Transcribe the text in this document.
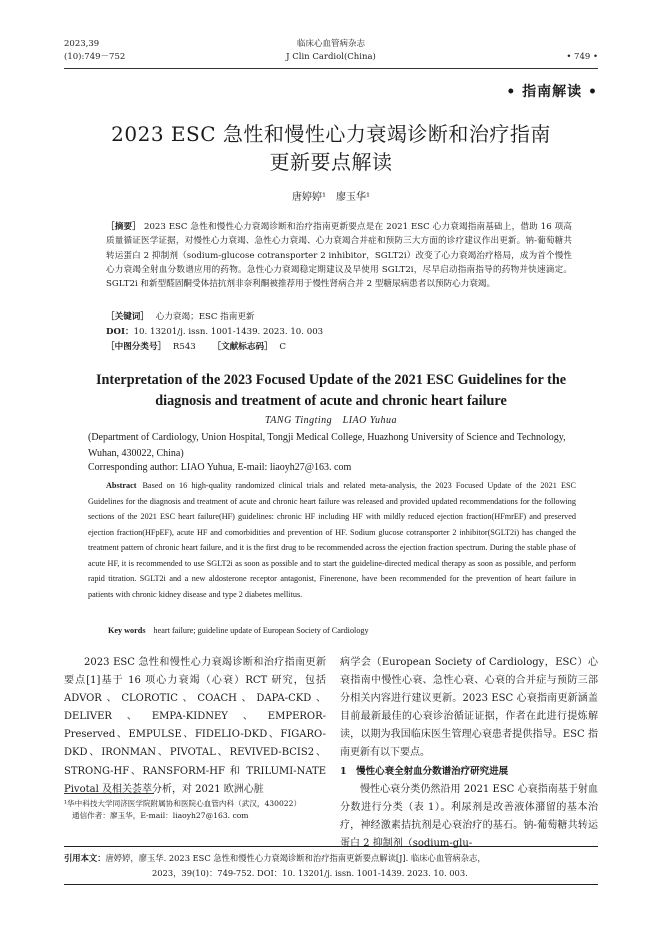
2023,39
(10):749－752
临床心血管病杂志
J Clin Cardiol(China)	• 749 •
• 指南解读 •
2023 ESC 急性和慢性心力衰竭诊断和治疗指南
更新要点解读
唐婷婷¹　廖玉华¹
［摘要］ 2023 ESC 急性和慢性心力衰竭诊断和治疗指南更新要点是在 2021 ESC 心力衰竭指南基础上，借助 16 项高质量循证医学证据，对慢性心力衰竭、急性心力衰竭、心力衰竭合并症和预防三大方面的诊疗建议作出更新。钠-葡萄糖共转运蛋白 2 抑制剂（sodium-glucose cotransporter 2 inhibitor，SGLT2i）改变了心力衰竭治疗格局，成为首个慢性心力衰竭全射血分数谱应用的药物。急性心力衰竭稳定期建议及早使用 SGLT2i，尽早启动指南指导的药物并快速滴定。SGLT2i 和新型醛固酮受体拮抗剂非奈利酮被推荐用于慢性肾病合并 2 型糖尿病患者以预防心力衰竭。
［关键词］ 心力衰竭；ESC 指南更新
DOI：10. 13201/j. issn. 1001-1439. 2023. 10. 003
［中图分类号］ R543 ［文献标志码］ C
Interpretation of the 2023 Focused Update of the 2021 ESC Guidelines for the
diagnosis and treatment of acute and chronic heart failure
TANG Tingting　LIAO Yuhua
(Department of Cardiology, Union Hospital, Tongji Medical College, Huazhong University of Science and Technology, Wuhan, 430022, China)
Corresponding author: LIAO Yuhua, E-mail: liaoyh27@163. com
Abstract Based on 16 high-quality randomized clinical trials and related meta-analysis, the 2023 Focused Update of the 2021 ESC Guidelines for the diagnosis and treatment of acute and chronic heart failure was released and provided updated recommendations for the following sections of the 2021 ESC heart failure(HF) guidelines: chronic HF including HF with mildly reduced ejection fraction(HFmrEF) and preserved ejection fraction(HFpEF), acute HF and comorbidities and prevention of HF. Sodium glucose cotransporter 2 inhibitor(SGLT2i) has changed the treatment pattern of chronic heart failure, and it is the first drug to be recommended across the ejection fraction spectrum. During the stable phase of acute HF, it is recommended to use SGLT2i as soon as possible and to start the guideline-directed medical therapy as soon as possible, and perform rapid titration. SGLT2i and a new aldosterone receptor antagonist, Finerenone, have been recommended for the prevention of heart failure in patients with chronic kidney disease and type 2 diabetes mellitus.
Key words heart failure; guideline update of European Society of Cardiology

2023 ESC 急性和慢性心力衰竭诊断和治疗指南更新要点[1]基于 16 项心力衰竭（心衰）RCT 研究，包括 ADVOR、CLOROTIC、COACH、DAPA-CKD、DELIVER、EMPA-KIDNEY、EMPEROR-Preserved、EMPULSE、FIDELIO-DKD、FIGARO-DKD、IRONMAN、PIVOTAL、REVIVED-BCIS2、STRONG-HF、RANSFORM-HF 和 TRILUMI-NATE Pivotal 及相关荟萃分析，对 2021 欧洲心脏

病学会（European Society of Cardiology，ESC）心衰指南中慢性心衰、急性心衰、心衰的合并症与预防三部分相关内容进行建议更新。2023 ESC 心衰指南更新涵盖目前最新最佳的心衰诊治循证证据，作者在此进行提炼解读，以期为我国临床医生管理心衰患者提供指导。ESC 指南更新有以下要点。

1　慢性心衰全射血分数谱治疗研究进展

慢性心衰分类仍然沿用 2021 ESC 心衰指南基于射血分数进行分类（表 1）。利尿剂是改善液体潴留的基本治疗，神经激素拮抗剂是心衰治疗的基石。钠-葡萄糖共转运蛋白 2 抑制剂（sodium-glu-

¹华中科技大学同济医学院附属协和医院心血管内科（武汉，430022）
通信作者：廖玉华，E-mail：liaoyh27@163. com
引用本文：唐婷婷，廖玉华. 2023 ESC 急性和慢性心力衰竭诊断和治疗指南更新要点解读[J]. 临床心血管病杂志，
2023，39(10)：749-752. DOI：10. 13201/j. issn. 1001-1439. 2023. 10. 003.
